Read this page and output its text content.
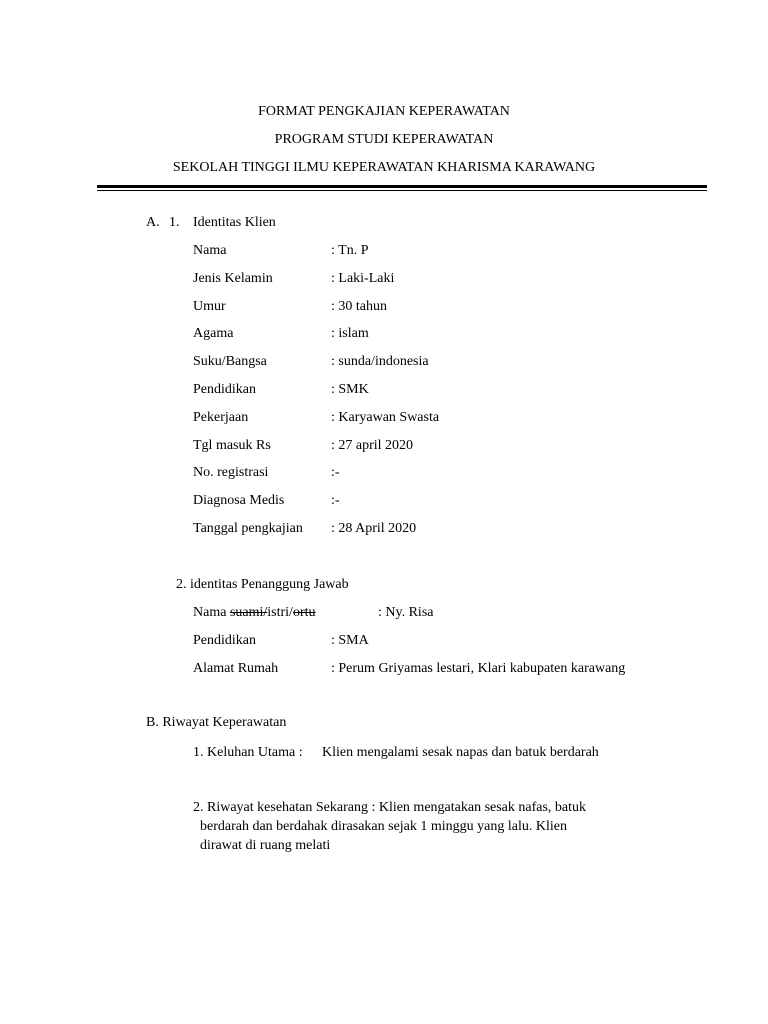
FORMAT PENGKAJIAN KEPERAWATAN
PROGRAM STUDI KEPERAWATAN
SEKOLAH TINGGI ILMU KEPERAWATAN KHARISMA KARAWANG
A. 1. Identitas Klien
Nama	: Tn. P
Jenis Kelamin	: Laki-Laki
Umur	: 30 tahun
Agama	: islam
Suku/Bangsa	: sunda/indonesia
Pendidikan	: SMK
Pekerjaan	: Karyawan Swasta
Tgl masuk Rs	: 27 april 2020
No. registrasi	:-
Diagnosa Medis	:-
Tanggal pengkajian : 28 April 2020
2. identitas Penanggung Jawab
Nama suami/istri/ortu	: Ny. Risa
Pendidikan	: SMA
Alamat Rumah	: Perum Griyamas lestari, Klari kabupaten karawang
B. Riwayat Keperawatan
1. Keluhan Utama : Klien mengalami sesak napas dan batuk berdarah
2. Riwayat kesehatan Sekarang : Klien mengatakan sesak nafas, batuk
berdarah dan berdahak dirasakan sejak 1 minggu yang lalu. Klien
dirawat di ruang melati
